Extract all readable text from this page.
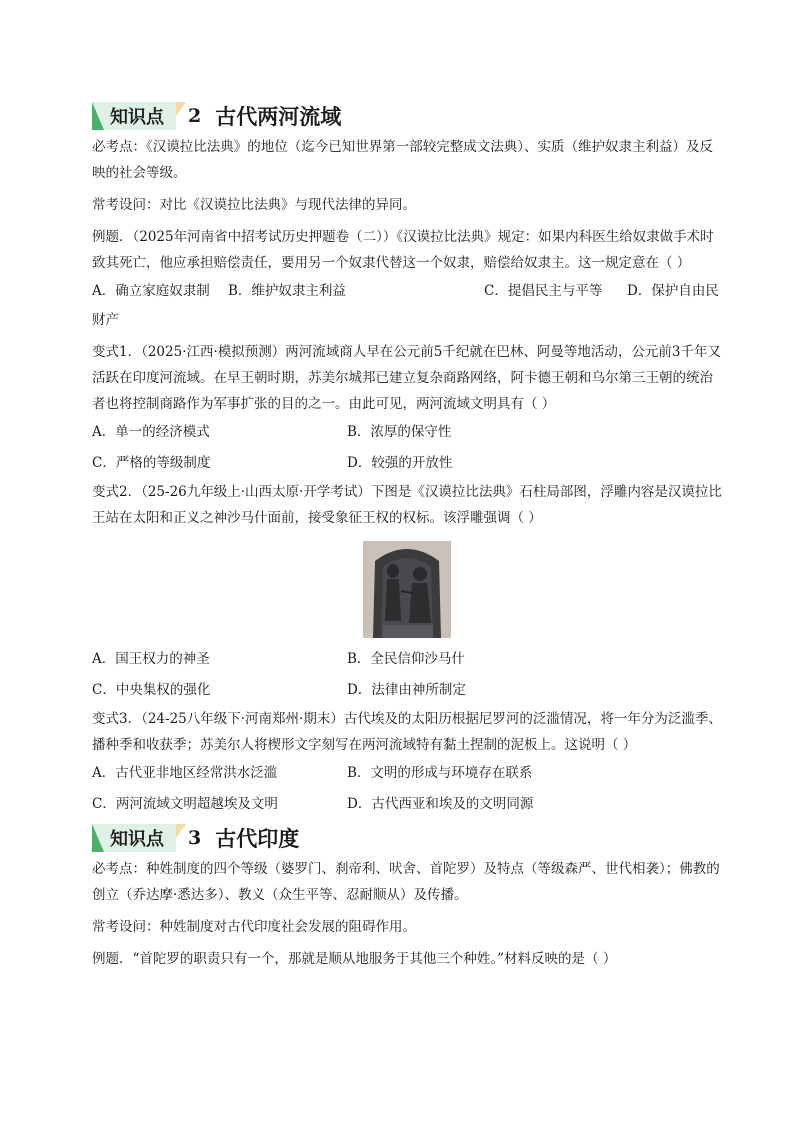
知识点	2 古代两河流域

必考点：《汉谟拉比法典》的地位（迄今已知世界第一部较完整成文法典）、实质（维护奴隶主利益）及反映的社会等级。

常考设问：对比《汉谟拉比法典》与现代法律的异同。

例题．（2025年河南省中招考试历史押题卷（二））《汉谟拉比法典》规定：如果内科医生给奴隶做手术时致其死亡，他应承担赔偿责任，要用另一个奴隶代替这一个奴隶，赔偿给奴隶主。这一规定意在（ ）

A．确立家庭奴隶制	B．维护奴隶主利益	C．提倡民主与平等	D．保护自由民

财产

变式1．（2025·江西·模拟预测）两河流域商人早在公元前5千纪就在巴林、阿曼等地活动，公元前3千年又活跃在印度河流域。在早王朝时期，苏美尔城邦已建立复杂商路网络，阿卡德王朝和乌尔第三王朝的统治者也将控制商路作为军事扩张的目的之一。由此可见，两河流域文明具有（ ）

A．单一的经济模式	B．浓厚的保守性
C．严格的等级制度	D．较强的开放性

变式2．（25-26九年级上·山西太原·开学考试）下图是《汉谟拉比法典》石柱局部图，浮雕内容是汉谟拉比王站在太阳和正义之神沙马什面前，接受象征王权的权标。该浮雕强调（ ）

A．国王权力的神圣	B．全民信仰沙马什
C．中央集权的强化	D．法律由神所制定

变式3．（24-25八年级下·河南郑州·期末）古代埃及的太阳历根据尼罗河的泛滥情况，将一年分为泛滥季、播种季和收获季；苏美尔人将楔形文字刻写在两河流域特有黏土捏制的泥板上。这说明（ ）

A．古代亚非地区经常洪水泛滥	B．文明的形成与环境存在联系
C．两河流域文明超越埃及文明	D．古代西亚和埃及的文明同源
知识点	3 古代印度

必考点：种姓制度的四个等级（婆罗门、刹帝利、吠舍、首陀罗）及特点（等级森严、世代相袭）；佛教的创立（乔达摩·悉达多）、教义（众生平等、忍耐顺从）及传播。

常考设问：种姓制度对古代印度社会发展的阻碍作用。

例题．“首陀罗的职责只有一个，那就是顺从地服务于其他三个种姓。”材料反映的是（ ）
